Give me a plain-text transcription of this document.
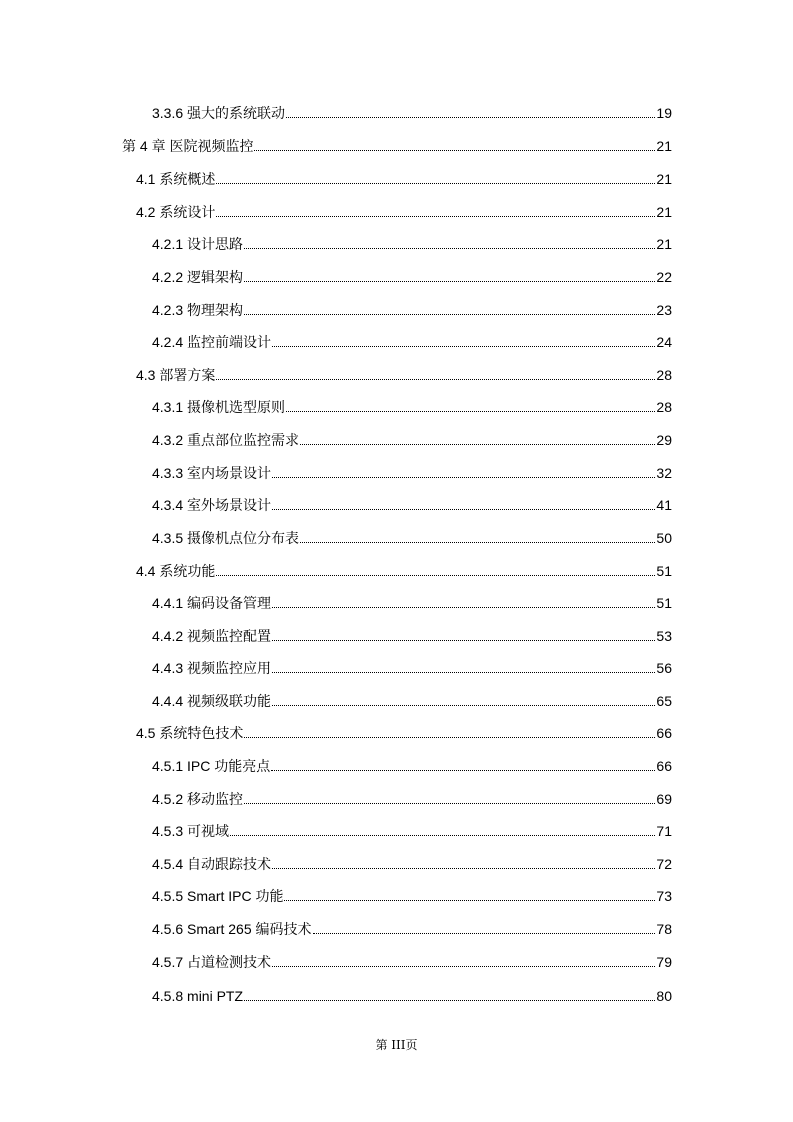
3.3.6 强大的系统联动	19
第 4 章 医院视频监控	21
4.1 系统概述	21
4.2 系统设计	21
4.2.1 设计思路	21
4.2.2 逻辑架构	22
4.2.3 物理架构	23
4.2.4 监控前端设计	24
4.3 部署方案	28
4.3.1 摄像机选型原则	28
4.3.2 重点部位监控需求	29
4.3.3 室内场景设计	32
4.3.4 室外场景设计	41
4.3.5 摄像机点位分布表	50
4.4 系统功能	51
4.4.1 编码设备管理	51
4.4.2 视频监控配置	53
4.4.3 视频监控应用	56
4.4.4 视频级联功能	65
4.5 系统特色技术	66
4.5.1 IPC 功能亮点	66
4.5.2 移动监控	69
4.5.3 可视域	71
4.5.4 自动跟踪技术	72
4.5.5 Smart IPC 功能	73
4.5.6 Smart 265 编码技术	78
4.5.7 占道检测技术	79
4.5.8 mini PTZ	80
第 III页
